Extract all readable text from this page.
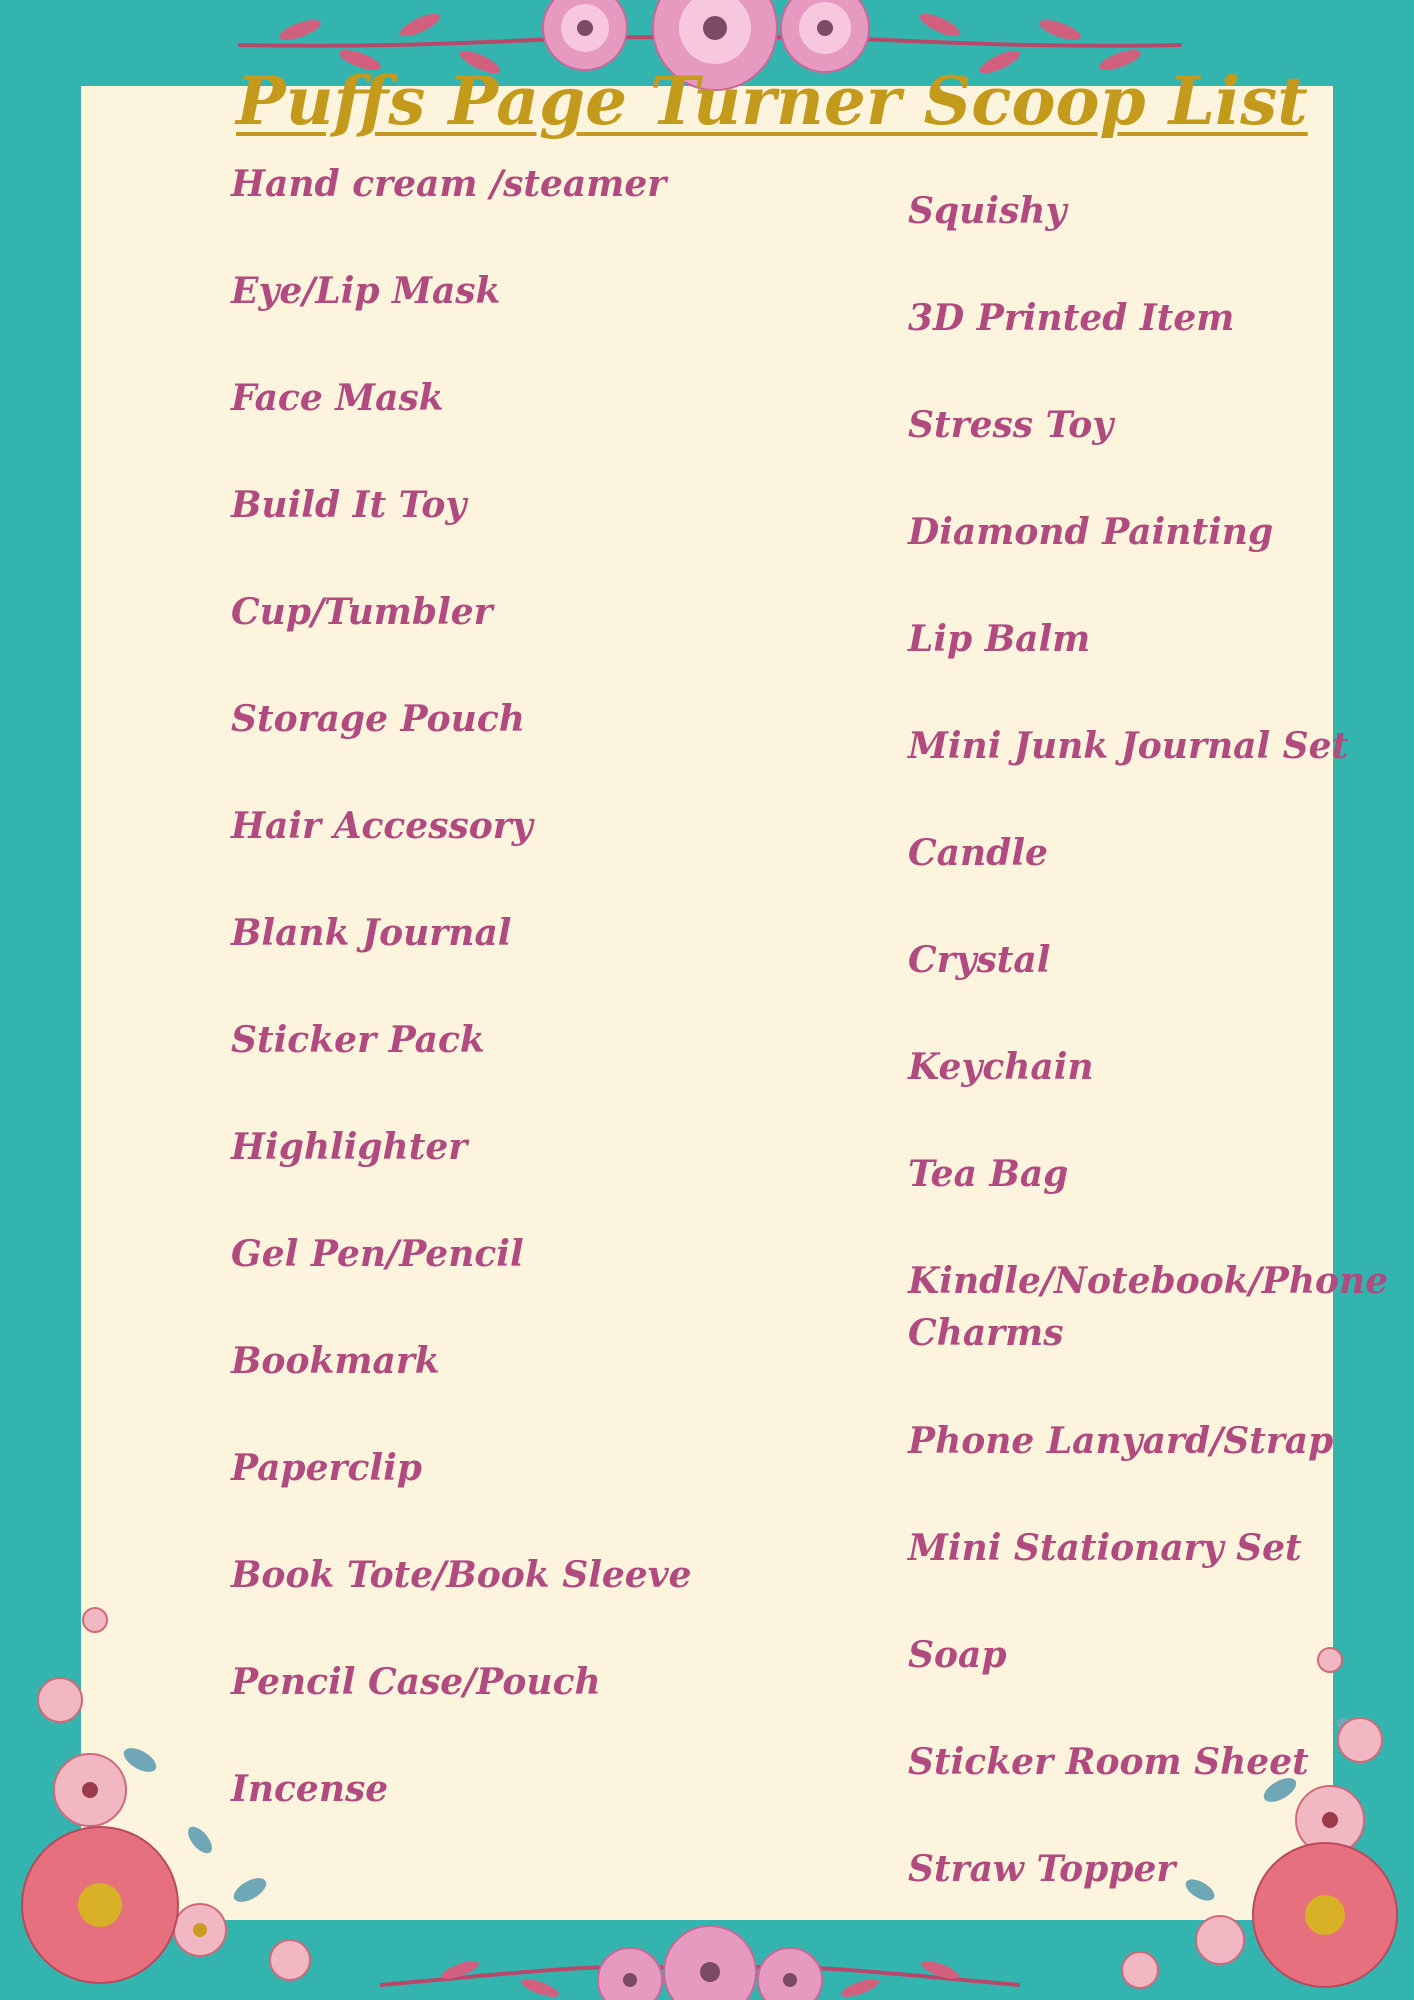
Puffs Page Turner Scoop List

Hand cream /steamer

Eye/Lip Mask

Face Mask

Build It Toy

Cup/Tumbler

Storage Pouch

Hair Accessory

Blank Journal

Sticker Pack

Highlighter

Gel Pen/Pencil

Bookmark

Paperclip

Book Tote/Book Sleeve

Pencil Case/Pouch

Incense

Squishy

3D Printed Item

Stress Toy

Diamond Painting

Lip Balm

Mini Junk Journal Set

Candle

Crystal

Keychain

Tea Bag

Kindle/Notebook/Phone

Charms

Phone Lanyard/Strap

Mini Stationary Set

Soap

Sticker Room Sheet

Straw Topper
